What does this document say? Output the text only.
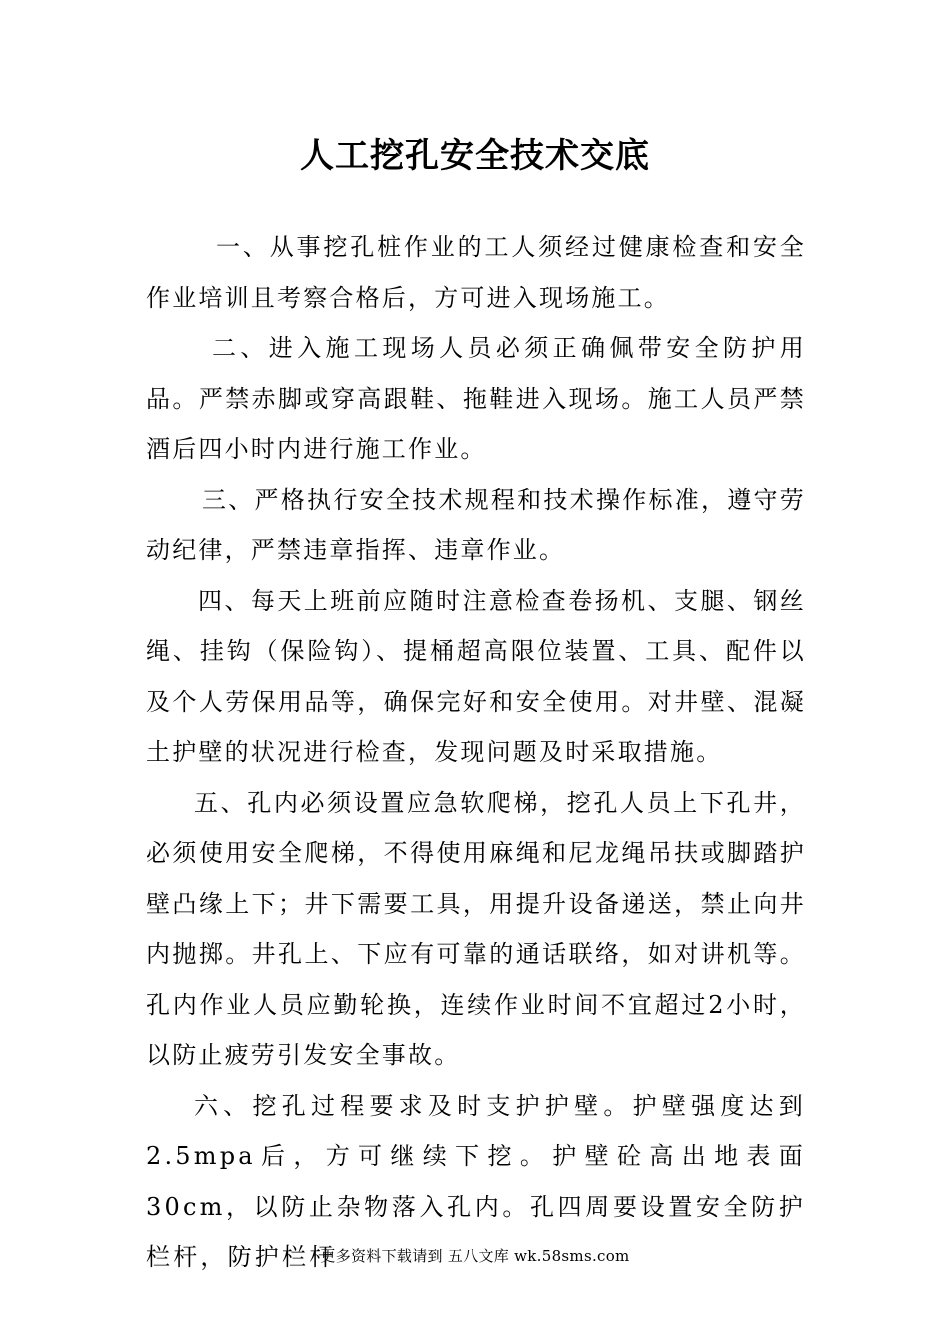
人工挖孔安全技术交底

一、从事挖孔桩作业的工人须经过健康检查和安全作业培训且考察合格后，方可进入现场施工。

二、进入施工现场人员必须正确佩带安全防护用品。严禁赤脚或穿高跟鞋、拖鞋进入现场。施工人员严禁酒后四小时内进行施工作业。

三、严格执行安全技术规程和技术操作标准，遵守劳动纪律，严禁违章指挥、违章作业。

四、每天上班前应随时注意检查卷扬机、支腿、钢丝绳、挂钩（保险钩）、提桶超高限位装置、工具、配件以及个人劳保用品等，确保完好和安全使用。对井壁、混凝土护壁的状况进行检查，发现问题及时采取措施。

五、孔内必须设置应急软爬梯，挖孔人员上下孔井，必须使用安全爬梯，不得使用麻绳和尼龙绳吊扶或脚踏护壁凸缘上下；井下需要工具，用提升设备递送，禁止向井内抛掷。井孔上、下应有可靠的通话联络，如对讲机等。孔内作业人员应勤轮换，连续作业时间不宜超过2小时，以防止疲劳引发安全事故。

六、挖孔过程要求及时支护护壁。护壁强度达到2.5mpa后，方可继续下挖。护壁砼高出地表面30cm，以防止杂物落入孔内。孔四周要设置安全防护栏杆，防护栏杆

更多资料下载请到 五八文库 wk.58sms.com
